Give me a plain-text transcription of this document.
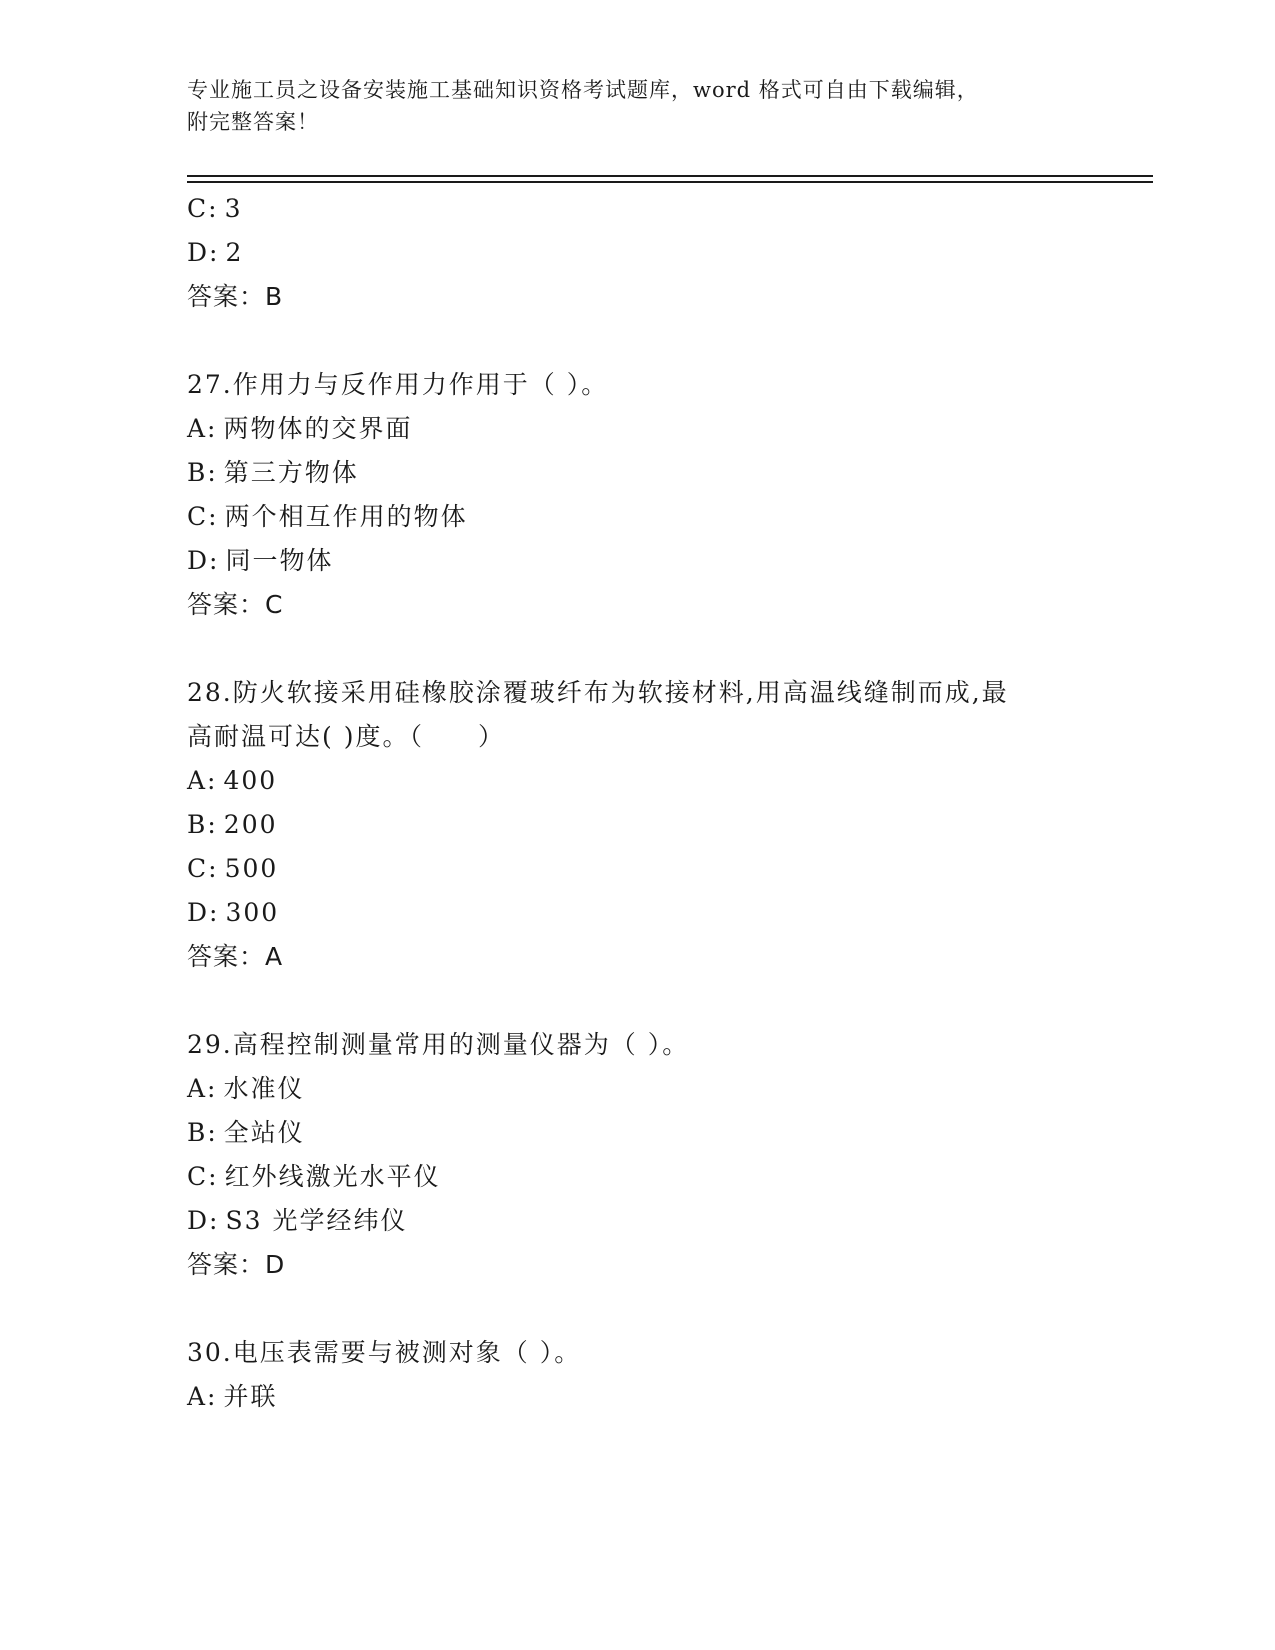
专业施工员之设备安装施工基础知识资格考试题库，word 格式可自由下载编辑，
附完整答案！
C: 3
D: 2
答案：B
27.作用力与反作用力作用于（ ）。
A: 两物体的交界面
B: 第三方物体
C: 两个相互作用的物体
D: 同一物体
答案：C
28.防火软接采用硅橡胶涂覆玻纤布为软接材料,用高温线缝制而成,最
高耐温可达( )度。（　　）
A: 400
B: 200
C: 500
D: 300
答案：A
29.高程控制测量常用的测量仪器为（ ）。
A: 水准仪
B: 全站仪
C: 红外线激光水平仪
D: S3 光学经纬仪
答案：D
30.电压表需要与被测对象（ ）。
A: 并联
